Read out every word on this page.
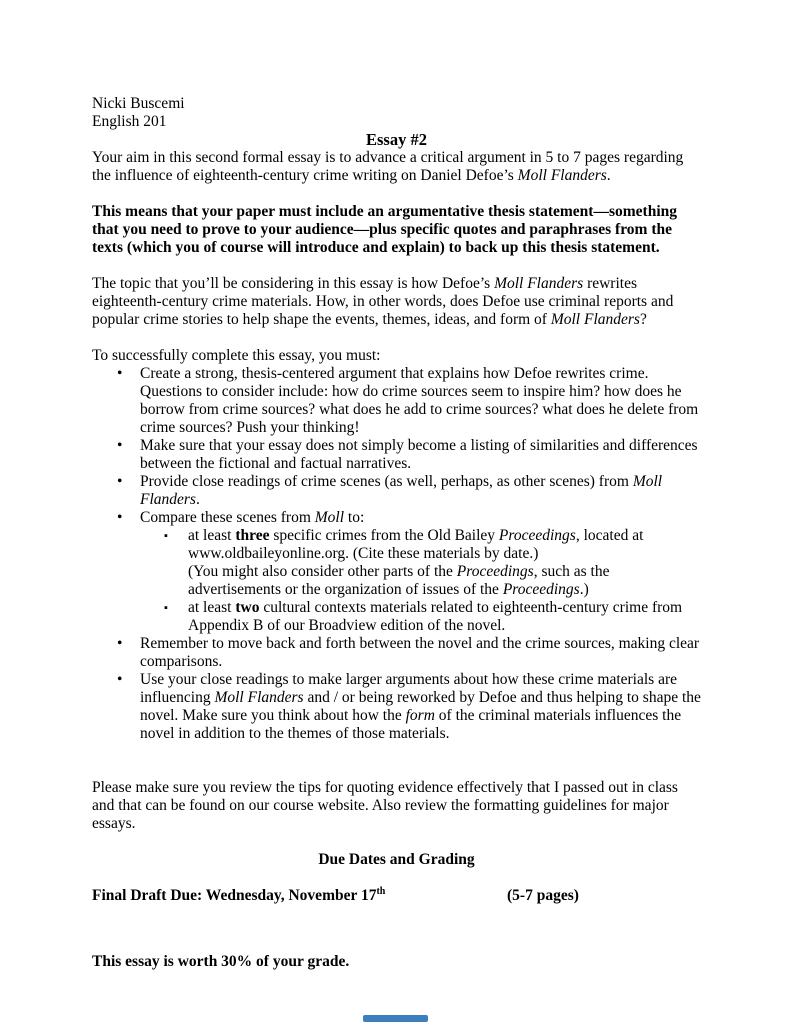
Nicki Buscemi
English 201
Essay #2
Your aim in this second formal essay is to advance a critical argument in 5 to 7 pages regarding the influence of eighteenth-century crime writing on Daniel Defoe’s Moll Flanders.
This means that your paper must include an argumentative thesis statement—something that you need to prove to your audience—plus specific quotes and paraphrases from the texts (which you of course will introduce and explain) to back up this thesis statement.
The topic that you’ll be considering in this essay is how Defoe’s Moll Flanders rewrites eighteenth-century crime materials. How, in other words, does Defoe use criminal reports and popular crime stories to help shape the events, themes, ideas, and form of Moll Flanders?
To successfully complete this essay, you must:
• Create a strong, thesis-centered argument that explains how Defoe rewrites crime. Questions to consider include: how do crime sources seem to inspire him? how does he borrow from crime sources? what does he add to crime sources? what does he delete from crime sources? Push your thinking!
• Make sure that your essay does not simply become a listing of similarities and differences between the fictional and factual narratives.
• Provide close readings of crime scenes (as well, perhaps, as other scenes) from Moll Flanders.
• Compare these scenes from Moll to:
▪ at least three specific crimes from the Old Bailey Proceedings, located at www.oldbaileyonline.org. (Cite these materials by date.)
(You might also consider other parts of the Proceedings, such as the advertisements or the organization of issues of the Proceedings.)
▪ at least two cultural contexts materials related to eighteenth-century crime from Appendix B of our Broadview edition of the novel.
• Remember to move back and forth between the novel and the crime sources, making clear comparisons.
• Use your close readings to make larger arguments about how these crime materials are influencing Moll Flanders and / or being reworked by Defoe and thus helping to shape the novel. Make sure you think about how the form of the criminal materials influences the novel in addition to the themes of those materials.
Please make sure you review the tips for quoting evidence effectively that I passed out in class and that can be found on our course website. Also review the formatting guidelines for major essays.
Due Dates and Grading
Final Draft Due: Wednesday, November 17th	(5-7 pages)
This essay is worth 30% of your grade.
